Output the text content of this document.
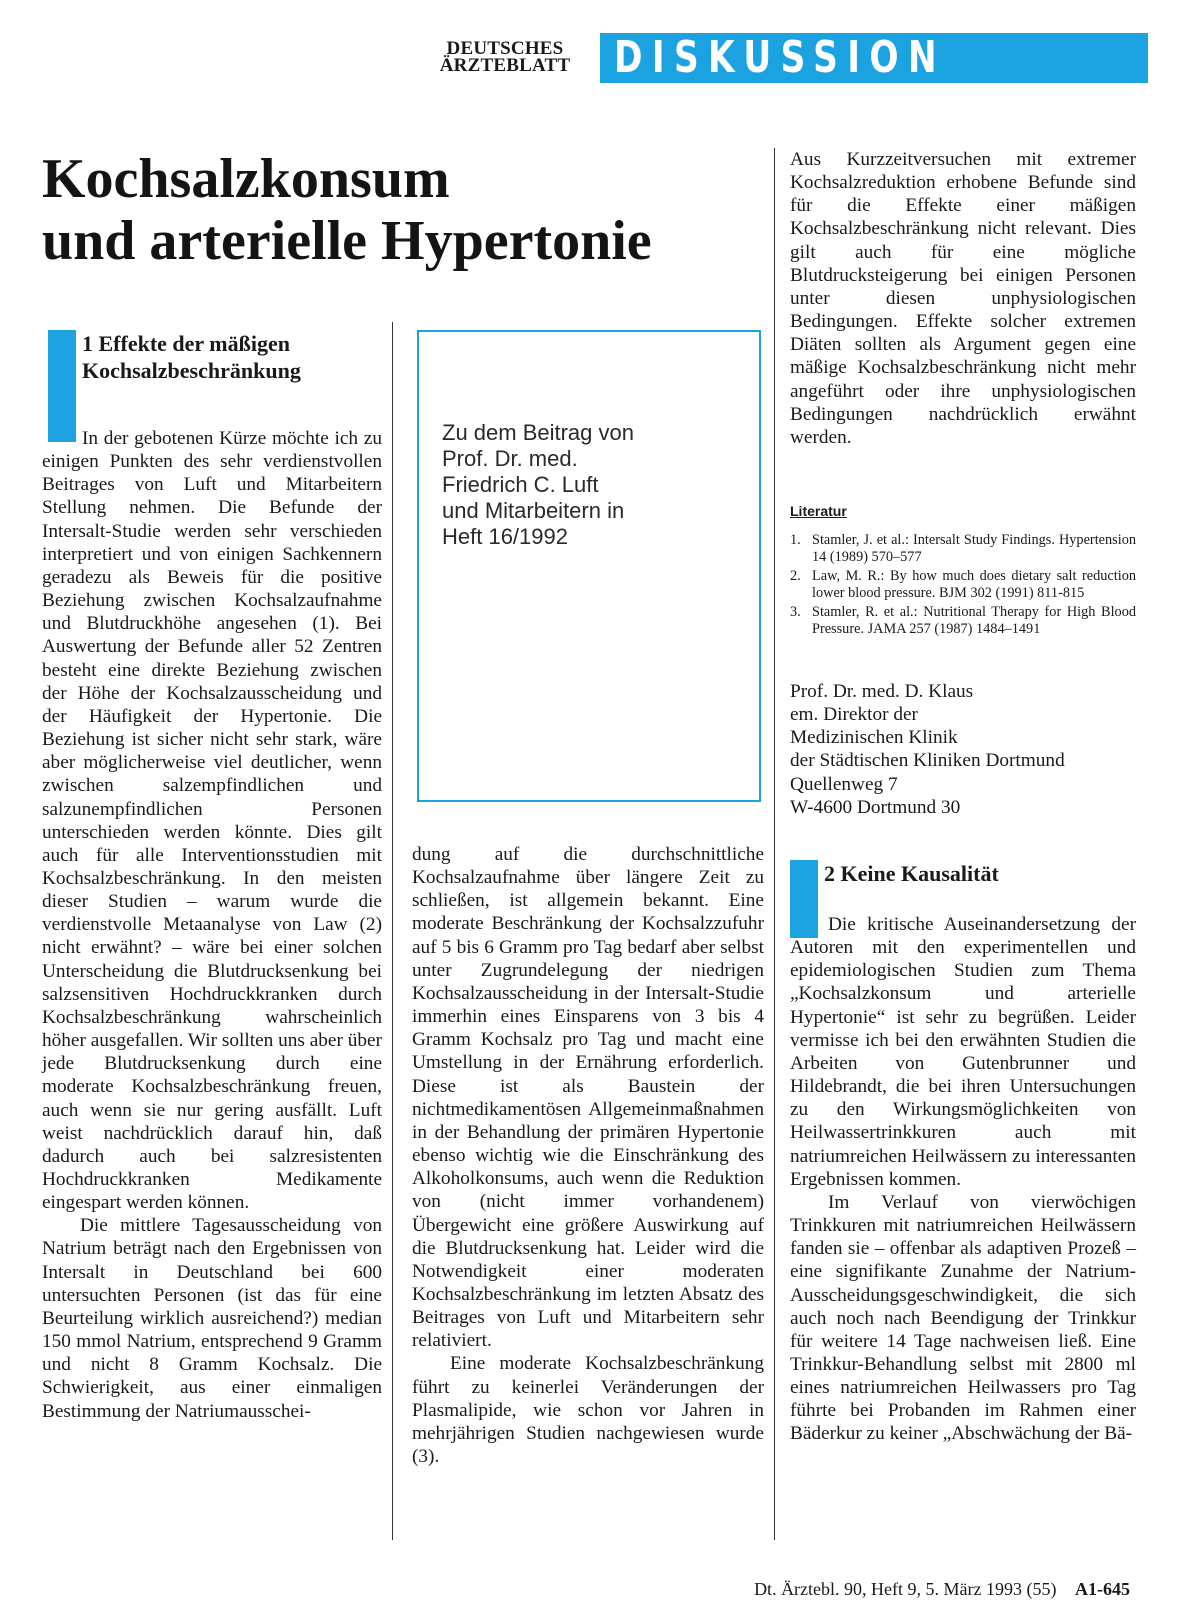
DEUTSCHES
ÄRZTEBLATT DISKUSSION
Kochsalzkonsum
und arterielle Hypertonie
1 Effekte der mäßigen
Kochsalzbeschränkung

In der gebotenen Kürze möchte ich zu einigen Punkten des sehr verdienstvollen Beitrages von Luft und Mitarbeitern Stellung nehmen. Die Befunde der Intersalt-Studie werden sehr verschieden interpretiert und von einigen Sachkennern geradezu als Beweis für die positive Beziehung zwischen Kochsalzaufnahme und Blutdruckhöhe angesehen (1). Bei Auswertung der Befunde aller 52 Zentren besteht eine direkte Beziehung zwischen der Höhe der Kochsalzausscheidung und der Häufigkeit der Hypertonie. Die Beziehung ist sicher nicht sehr stark, wäre aber möglicherweise viel deutlicher, wenn zwischen salzempfindlichen und salzunempfindlichen Personen unterschieden werden könnte. Dies gilt auch für alle Interventionsstudien mit Kochsalzbeschränkung. In den meisten dieser Studien – warum wurde die verdienstvolle Metaanalyse von Law (2) nicht erwähnt? – wäre bei einer solchen Unterscheidung die Blutdrucksenkung bei salzsensitiven Hochdruckkranken durch Kochsalzbeschränkung wahrscheinlich höher ausgefallen. Wir sollten uns aber über jede Blutdrucksenkung durch eine moderate Kochsalzbeschränkung freuen, auch wenn sie nur gering ausfällt. Luft weist nachdrücklich darauf hin, daß dadurch auch bei salzresistenten Hochdruckkranken Medikamente eingespart werden können.

Die mittlere Tagesausscheidung von Natrium beträgt nach den Ergebnissen von Intersalt in Deutschland bei 600 untersuchten Personen (ist das für eine Beurteilung wirklich ausreichend?) median 150 mmol Natrium, entsprechend 9 Gramm und nicht 8 Gramm Kochsalz. Die Schwierigkeit, aus einer einmaligen Bestimmung der Natriumausschei-

Zu dem Beitrag von
Prof. Dr. med.
Friedrich C. Luft
und Mitarbeitern in
Heft 16/1992

dung auf die durchschnittliche Kochsalzaufnahme über längere Zeit zu schließen, ist allgemein bekannt. Eine moderate Beschränkung der Kochsalzzufuhr auf 5 bis 6 Gramm pro Tag bedarf aber selbst unter Zugrundelegung der niedrigen Kochsalzausscheidung in der Intersalt-Studie immerhin eines Einsparens von 3 bis 4 Gramm Kochsalz pro Tag und macht eine Umstellung in der Ernährung erforderlich. Diese ist als Baustein der nichtmedikamentösen Allgemeinmaßnahmen in der Behandlung der primären Hypertonie ebenso wichtig wie die Einschränkung des Alkoholkonsums, auch wenn die Reduktion von (nicht immer vorhandenem) Übergewicht eine größere Auswirkung auf die Blutdrucksenkung hat. Leider wird die Notwendigkeit einer moderaten Kochsalzbeschränkung im letzten Absatz des Beitrages von Luft und Mitarbeitern sehr relativiert.

Eine moderate Kochsalzbeschränkung führt zu keinerlei Veränderungen der Plasmalipide, wie schon vor Jahren in mehrjährigen Studien nachgewiesen wurde (3).

Aus Kurzzeitversuchen mit extremer Kochsalzreduktion erhobene Befunde sind für die Effekte einer mäßigen Kochsalzbeschränkung nicht relevant. Dies gilt auch für eine mögliche Blutdrucksteigerung bei einigen Personen unter diesen unphysiologischen Bedingungen. Effekte solcher extremen Diäten sollten als Argument gegen eine mäßige Kochsalzbeschränkung nicht mehr angeführt oder ihre unphysiologischen Bedingungen nachdrücklich erwähnt werden.

Literatur
1. Stamler, J. et al.: Intersalt Study Findings. Hypertension 14 (1989) 570–577
2. Law, M. R.: By how much does dietary salt reduction lower blood pressure. BJM 302 (1991) 811-815
3. Stamler, R. et al.: Nutritional Therapy for High Blood Pressure. JAMA 257 (1987) 1484–1491
Prof. Dr. med. D. Klaus
em. Direktor der
Medizinischen Klinik
der Städtischen Kliniken Dortmund
Quellenweg 7
W-4600 Dortmund 30
2 Keine Kausalität

Die kritische Auseinandersetzung der Autoren mit den experimentellen und epidemiologischen Studien zum Thema „Kochsalzkonsum und arterielle Hypertonie“ ist sehr zu begrüßen. Leider vermisse ich bei den erwähnten Studien die Arbeiten von Gutenbrunner und Hildebrandt, die bei ihren Untersuchungen zu den Wirkungsmöglichkeiten von Heilwassertrinkkuren auch mit natriumreichen Heilwässern zu interessanten Ergebnissen kommen.

Im Verlauf von vierwöchigen Trinkkuren mit natriumreichen Heilwässern fanden sie – offenbar als adaptiven Prozeß – eine signifikante Zunahme der Natrium-Ausscheidungsgeschwindigkeit, die sich auch noch nach Beendigung der Trinkkur für weitere 14 Tage nachweisen ließ. Eine Trinkkur-Behandlung selbst mit 2800 ml eines natriumreichen Heilwassers pro Tag führte bei Probanden im Rahmen einer Bäderkur zu keiner „Abschwächung der Bä-

Dt. Ärztebl. 90, Heft 9, 5. März 1993 (55) A1-645
